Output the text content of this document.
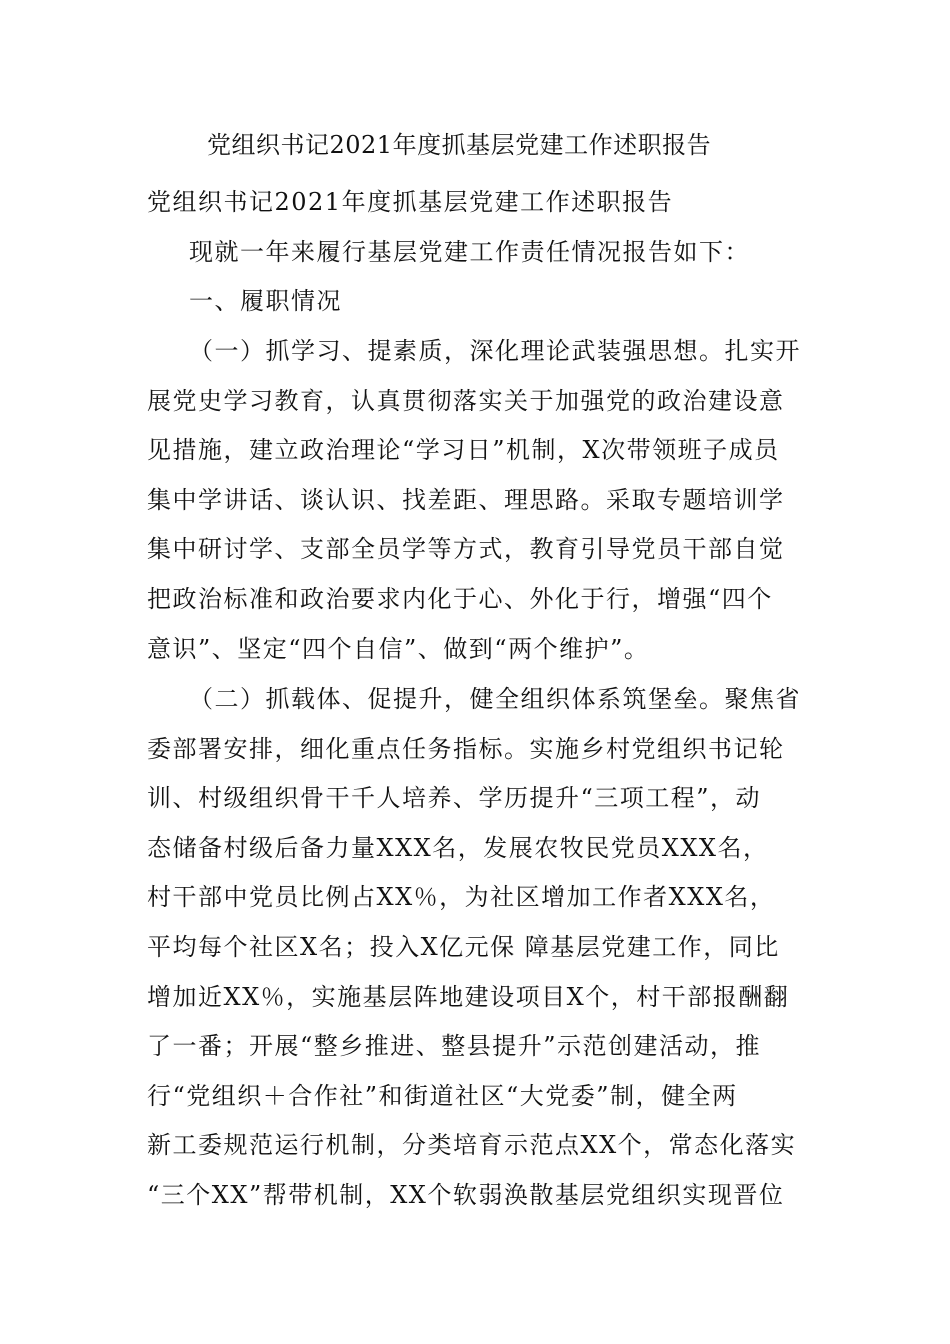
党组织书记2021年度抓基层党建工作述职报告
党组织书记2021年度抓基层党建工作述职报告
现就一年来履行基层党建工作责任情况报告如下：
一、履职情况
（一）抓学习、提素质，深化理论武装强思想。扎实开
展党史学习教育，认真贯彻落实关于加强党的政治建设意
见措施，建立政治理论“学习日”机制，X次带领班子成员
集中学讲话、谈认识、找差距、理思路。采取专题培训学
集中研讨学、支部全员学等方式，教育引导党员干部自觉
把政治标准和政治要求内化于心、外化于行，增强“四个
意识”、坚定“四个自信”、做到“两个维护”。
（二）抓载体、促提升，健全组织体系筑堡垒。聚焦省
委部署安排，细化重点任务指标。实施乡村党组织书记轮
训、村级组织骨干千人培养、学历提升“三项工程”，动
态储备村级后备力量XXX名，发展农牧民党员XXX名，
村干部中党员比例占XX％，为社区增加工作者XXX名，
平均每个社区X名；投入X亿元保 障基层党建工作，同比
增加近XX％，实施基层阵地建设项目X个，村干部报酬翻
了一番；开展“整乡推进、整县提升”示范创建活动，推
行“党组织＋合作社”和街道社区“大党委”制，健全两
新工委规范运行机制，分类培育示范点XX个，常态化落实
“三个XX”帮带机制，XX个软弱涣散基层党组织实现晋位
